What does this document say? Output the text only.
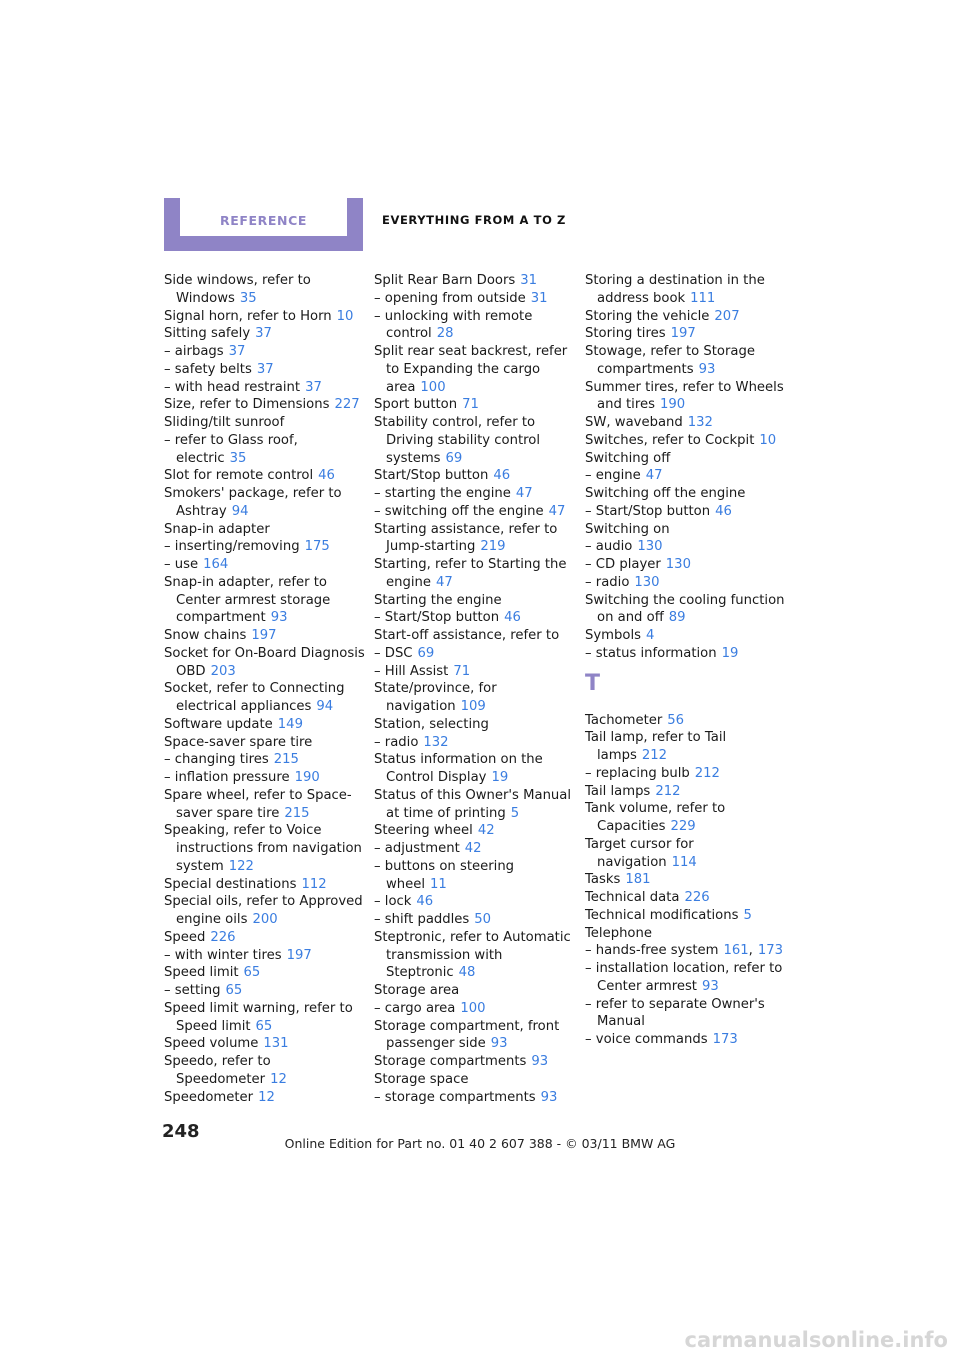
REFERENCE	EVERYTHING FROM A TO Z
Side windows, refer to Windows 35
Signal horn, refer to Horn 10
Sitting safely 37
– airbags 37
– safety belts 37
– with head restraint 37
Size, refer to Dimensions 227
Sliding/tilt sunroof
– refer to Glass roof, electric 35
Slot for remote control 46
Smokers' package, refer to Ashtray 94
Snap-in adapter
– inserting/removing 175
– use 164
Snap-in adapter, refer to Center armrest storage compartment 93
Snow chains 197
Socket for On-Board Diagnosis OBD 203
Socket, refer to Connecting electrical appliances 94
Software update 149
Space-saver spare tire
– changing tires 215
– inflation pressure 190
Spare wheel, refer to Space-saver spare tire 215
Speaking, refer to Voice instructions from navigation system 122
Special destinations 112
Special oils, refer to Approved engine oils 200
Speed 226
– with winter tires 197
Speed limit 65
– setting 65
Speed limit warning, refer to Speed limit 65
Speed volume 131
Speedo, refer to Speedometer 12
Speedometer 12
Split Rear Barn Doors 31
– opening from outside 31
– unlocking with remote control 28
Split rear seat backrest, refer to Expanding the cargo area 100
Sport button 71
Stability control, refer to Driving stability control systems 69
Start/Stop button 46
– starting the engine 47
– switching off the engine 47
Starting assistance, refer to Jump-starting 219
Starting, refer to Starting the engine 47
Starting the engine
– Start/Stop button 46
Start-off assistance, refer to
– DSC 69
– Hill Assist 71
State/province, for navigation 109
Station, selecting
– radio 132
Status information on the Control Display 19
Status of this Owner's Manual at time of printing 5
Steering wheel 42
– adjustment 42
– buttons on steering wheel 11
– lock 46
– shift paddles 50
Steptronic, refer to Automatic transmission with Steptronic 48
Storage area
– cargo area 100
Storage compartment, front passenger side 93
Storage compartments 93
Storage space
– storage compartments 93
Storing a destination in the address book 111
Storing the vehicle 207
Storing tires 197
Stowage, refer to Storage compartments 93
Summer tires, refer to Wheels and tires 190
SW, waveband 132
Switches, refer to Cockpit 10
Switching off
– engine 47
Switching off the engine
– Start/Stop button 46
Switching on
– audio 130
– CD player 130
– radio 130
Switching the cooling function on and off 89
Symbols 4
– status information 19
T
Tachometer 56
Tail lamp, refer to Tail lamps 212
– replacing bulb 212
Tail lamps 212
Tank volume, refer to Capacities 229
Target cursor for navigation 114
Tasks 181
Technical data 226
Technical modifications 5
Telephone
– hands-free system 161, 173
– installation location, refer to Center armrest 93
– refer to separate Owner's Manual
– voice commands 173
248
Online Edition for Part no. 01 40 2 607 388 - © 03/11 BMW AG
carmanualsonline.info
